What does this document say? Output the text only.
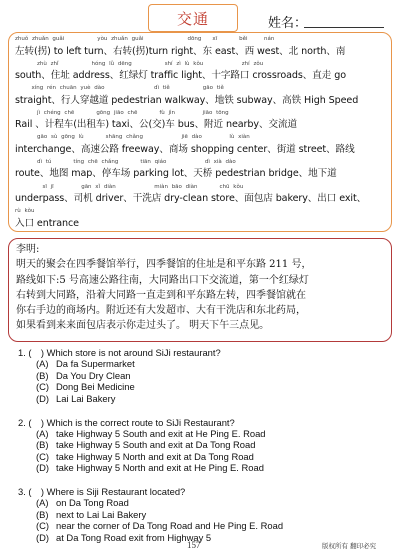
交通	姓名：
zhuǒ zhuǎn guǎi　　　　　　yòu zhuǎn guǎi　　　　　　　　dōng　　xī　　　　běi　　　nán
左转(拐) to left turn、右转(拐)turn right、东 east、西 west、北 north、南
　　　　zhù zhǐ　　　　　　hóng lǜ dēng　　　　　　shí zì lù kǒu　　　　　　　zhí zǒu
south、住址 address、红绿灯 traffic light、十字路口 crossroads、直走 go
　　　xíng rén chuān yuè dào　　　　　　　　　dì tiě　　　　　　gāo tiě
straight、行人穿越道 pedestrian walkway、地铁 subway、高铁 High Speed
　　　　jì chéng chē　　　　gōng jiāo chē　　　　fù jìn　　　　　jiāo tōng
Rail 、计程车(出租车) taxi、公(交)车 bus、附近 nearby、交流道
　　　　gāo sù gōng lù　　　　shāng chǎng　　　　　　　jiē dào　　　　　lù xiàn
interchange、高速公路 freeway、商场 shopping center、街道 street、路线
　　　　dì tú　　　　tíng chē chǎng　　　　tiān qiáo　　　　　　　dì xià dào
route、地图 map、停车场 parking lot、天桥 pedestrian bridge、地下道
　　　　　sī jī　　　　　gān xǐ diàn　　　　　　　miàn bāo diàn　　　　chū kǒu
underpass、司机 driver、干洗店 dry-clean store、面包店 bakery、出口 exit、
rù kǒu
入口 entrance
李明:
明天的聚会在四季餐馆举行，四季餐馆的住址是和平东路 211 号，
路线如下:5 号高速公路往南，大同路出口下交流道，第一个红绿灯
右转到大同路，沿着大同路一直走到和平东路左转，四季餐馆就在
你右手边的商场内。附近还有大发超市、大有干洗店和东北药局，
如果看到来来面包店表示你走过头了。 明天下午三点见。
1. (　) Which store is not around SiJi restaurant?
(A) Da fa Supermarket
(B) Da You Dry Clean
(C) Dong Bei Medicine
(D) Lai Lai Bakery
2. (　) Which is the correct route to SiJi Restaurant?
(A) take Highway 5 South and exit at He Ping E. Road
(B) take Highway 5 South and exit at Da Tong Road
(C) take Highway 5 North and exit at Da Tong Road
(D) take Highway 5 North and exit at He Ping E. Road
3. (　) Where is Siji Restaurant located?
(A) on Da Tong Road
(B) next to Lai Lai Bakery
(C) near the corner of Da Tong Road and He Ping E. Road
(D) at Da Tong Road exit from Highway 5
157	版权所有 翻印必究
